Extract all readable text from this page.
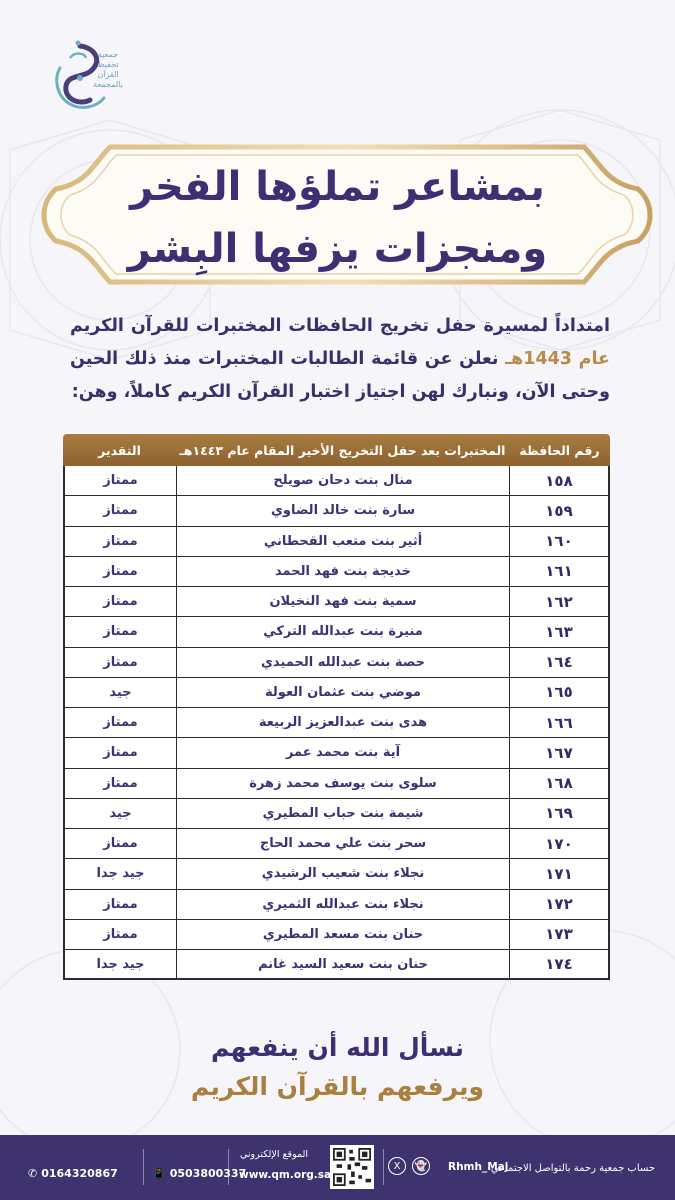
جمعية
تحفيظ
القرآن
بالمجمعة
بمشاعر تملؤها الفخر
ومنجزات يزفها البِشر
امتداداً لمسيرة حفل تخريج الحافظات المختبرات للقرآن الكريم عام 1443هـ نعلن عن قائمة الطالبات المختبرات منذ ذلك الحين وحتى الآن، ونبارك لهن اجتياز اختبار القرآن الكريم كاملاً، وهن:
رقم الحافظة
المختبرات بعد حفل التخريج الأخير المقام عام ١٤٤٣هـ
التقدير
١٥٨
منال بنت دحان صويلح
ممتاز
١٥٩
سارة بنت خالد الضاوي
ممتاز
١٦٠
أثير بنت متعب القحطاني
ممتاز
١٦١
خديجة بنت فهد الحمد
ممتاز
١٦٢
سمية بنت فهد النخيلان
ممتاز
١٦٣
منيرة بنت عبدالله التركي
ممتاز
١٦٤
حصة بنت عبدالله الحميدي
ممتاز
١٦٥
موضي بنت عثمان العولة
جيد
١٦٦
هدى بنت عبدالعزيز الربيعة
ممتاز
١٦٧
آية بنت محمد عمر
ممتاز
١٦٨
سلوى بنت يوسف محمد زهرة
ممتاز
١٦٩
شيمة بنت حباب المطيري
جيد
١٧٠
سحر بنت علي محمد الحاج
ممتاز
١٧١
نجلاء بنت شعيب الرشيدي
جيد جدا
١٧٢
نجلاء بنت عبدالله الثميري
ممتاز
١٧٣
حنان بنت مسعد المطيري
ممتاز
١٧٤
حنان بنت سعيد السيد غانم
جيد جدا
نسأل الله أن ينفعهم
ويرفعهم بالقرآن الكريم
حساب جمعية رحمة بالتواصل الاجتماعي
Rhmh_Maj
👻
X
الموقع الإلكتروني
www.qm.org.sa
📱 0503800337
✆ 0164320867
